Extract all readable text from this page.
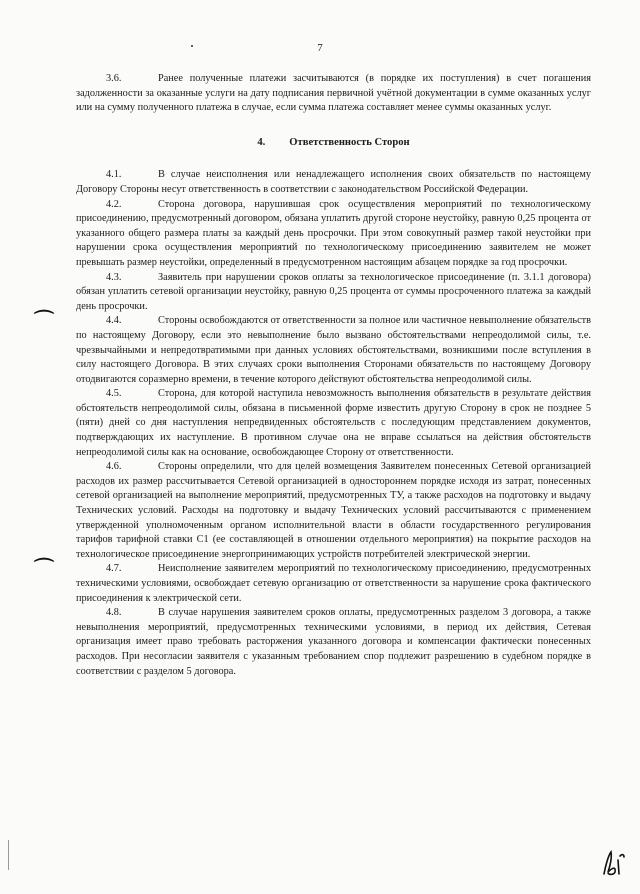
7
⌒
⌒

3.6.	Ранее полученные платежи засчитываются (в порядке их поступления) в счет погашения задолженности за оказанные услуги на дату подписания первичной учётной документации в сумме оказанных услуг или на сумму полученного платежа в случае, если сумма платежа составляет менее суммы оказанных услуг.

4. Ответственность Сторон

4.1.	В случае неисполнения или ненадлежащего исполнения своих обязательств по настоящему Договору Стороны несут ответственность в соответствии с законодательством Российской Федерации.

4.2.	Сторона договора, нарушившая срок осуществления мероприятий по технологическому присоединению, предусмотренный договором, обязана уплатить другой стороне неустойку, равную 0,25 процента от указанного общего размера платы за каждый день просрочки. При этом совокупный размер такой неустойки при нарушении срока осуществления мероприятий по технологическому присоединению заявителем не может превышать размер неустойки, определенный в предусмотренном настоящим абзацем порядке за год просрочки.

4.3.	Заявитель при нарушении сроков оплаты за технологическое присоединение (п. 3.1.1 договора) обязан уплатить сетевой организации неустойку, равную 0,25 процента от суммы просроченного платежа за каждый день просрочки.

4.4.	Стороны освобождаются от ответственности за полное или частичное невыполнение обязательств по настоящему Договору, если это невыполнение было вызвано обстоятельствами непреодолимой силы, т.е. чрезвычайными и непредотвратимыми при данных условиях обстоятельствами, возникшими после вступления в силу настоящего Договора. В этих случаях сроки выполнения Сторонами обязательств по настоящему Договору отодвигаются соразмерно времени, в течение которого действуют обстоятельства непреодолимой силы.

4.5.	Сторона, для которой наступила невозможность выполнения обязательств в результате действия обстоятельств непреодолимой силы, обязана в письменной форме известить другую Сторону в срок не позднее 5 (пяти) дней со дня наступления непредвиденных обстоятельств с последующим представлением документов, подтверждающих их наступление. В противном случае она не вправе ссылаться на действия обстоятельств непреодолимой силы как на основание, освобождающее Сторону от ответственности.

4.6.	Стороны определили, что для целей возмещения Заявителем понесенных Сетевой организацией расходов их размер рассчитывается Сетевой организацией в одностороннем порядке исходя из затрат, понесенных сетевой организацией на выполнение мероприятий, предусмотренных ТУ, а также расходов на подготовку и выдачу Технических условий. Расходы на подготовку и выдачу Технических условий рассчитываются с применением утвержденной уполномоченным органом исполнительной власти в области государственного регулирования тарифов тарифной ставки С1 (ее составляющей в отношении отдельного мероприятия) на покрытие расходов на технологическое присоединение энергопринимающих устройств потребителей электрической энергии.

4.7.	Неисполнение заявителем мероприятий по технологическому присоединению, предусмотренных техническими условиями, освобождает сетевую организацию от ответственности за нарушение срока фактического присоединения к электрической сети.

4.8.	В случае нарушения заявителем сроков оплаты, предусмотренных разделом 3 договора, а также невыполнения мероприятий, предусмотренных техническими условиями, в период их действия, Сетевая организация имеет право требовать расторжения указанного договора и компенсации фактически понесенных расходов. При несогласии заявителя с указанным требованием спор подлежит разрешению в судебном порядке в соответствии с разделом 5 договора.
